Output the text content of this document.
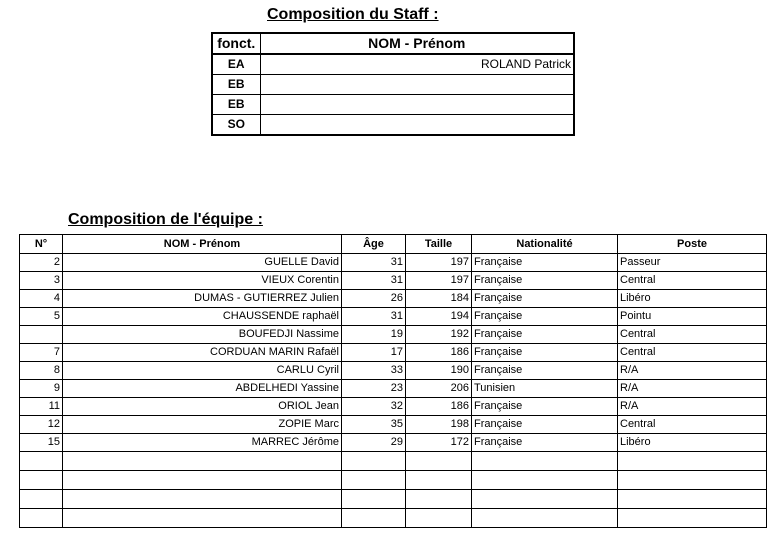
Composition du Staff :
fonct.	NOM - Prénom
EA	ROLAND Patrick
EB	
EB	
SO	
Composition de l'équipe :
N°	NOM - Prénom	Âge	Taille	Nationalité	Poste
2	GUELLE David	31	197	Française	Passeur
3	VIEUX Corentin	31	197	Française	Central
4	DUMAS - GUTIERREZ Julien	26	184	Française	Libéro
5	CHAUSSENDE raphaël	31	194	Française	Pointu
	BOUFEDJI Nassime	19	192	Française	Central
7	CORDUAN MARIN Rafaël	17	186	Française	Central
8	CARLU Cyril	33	190	Française	R/A
9	ABDELHEDI Yassine	23	206	Tunisien	R/A
11	ORIOL Jean	32	186	Française	R/A
12	ZOPIE Marc	35	198	Française	Central
15	MARREC Jérôme	29	172	Française	Libéro
